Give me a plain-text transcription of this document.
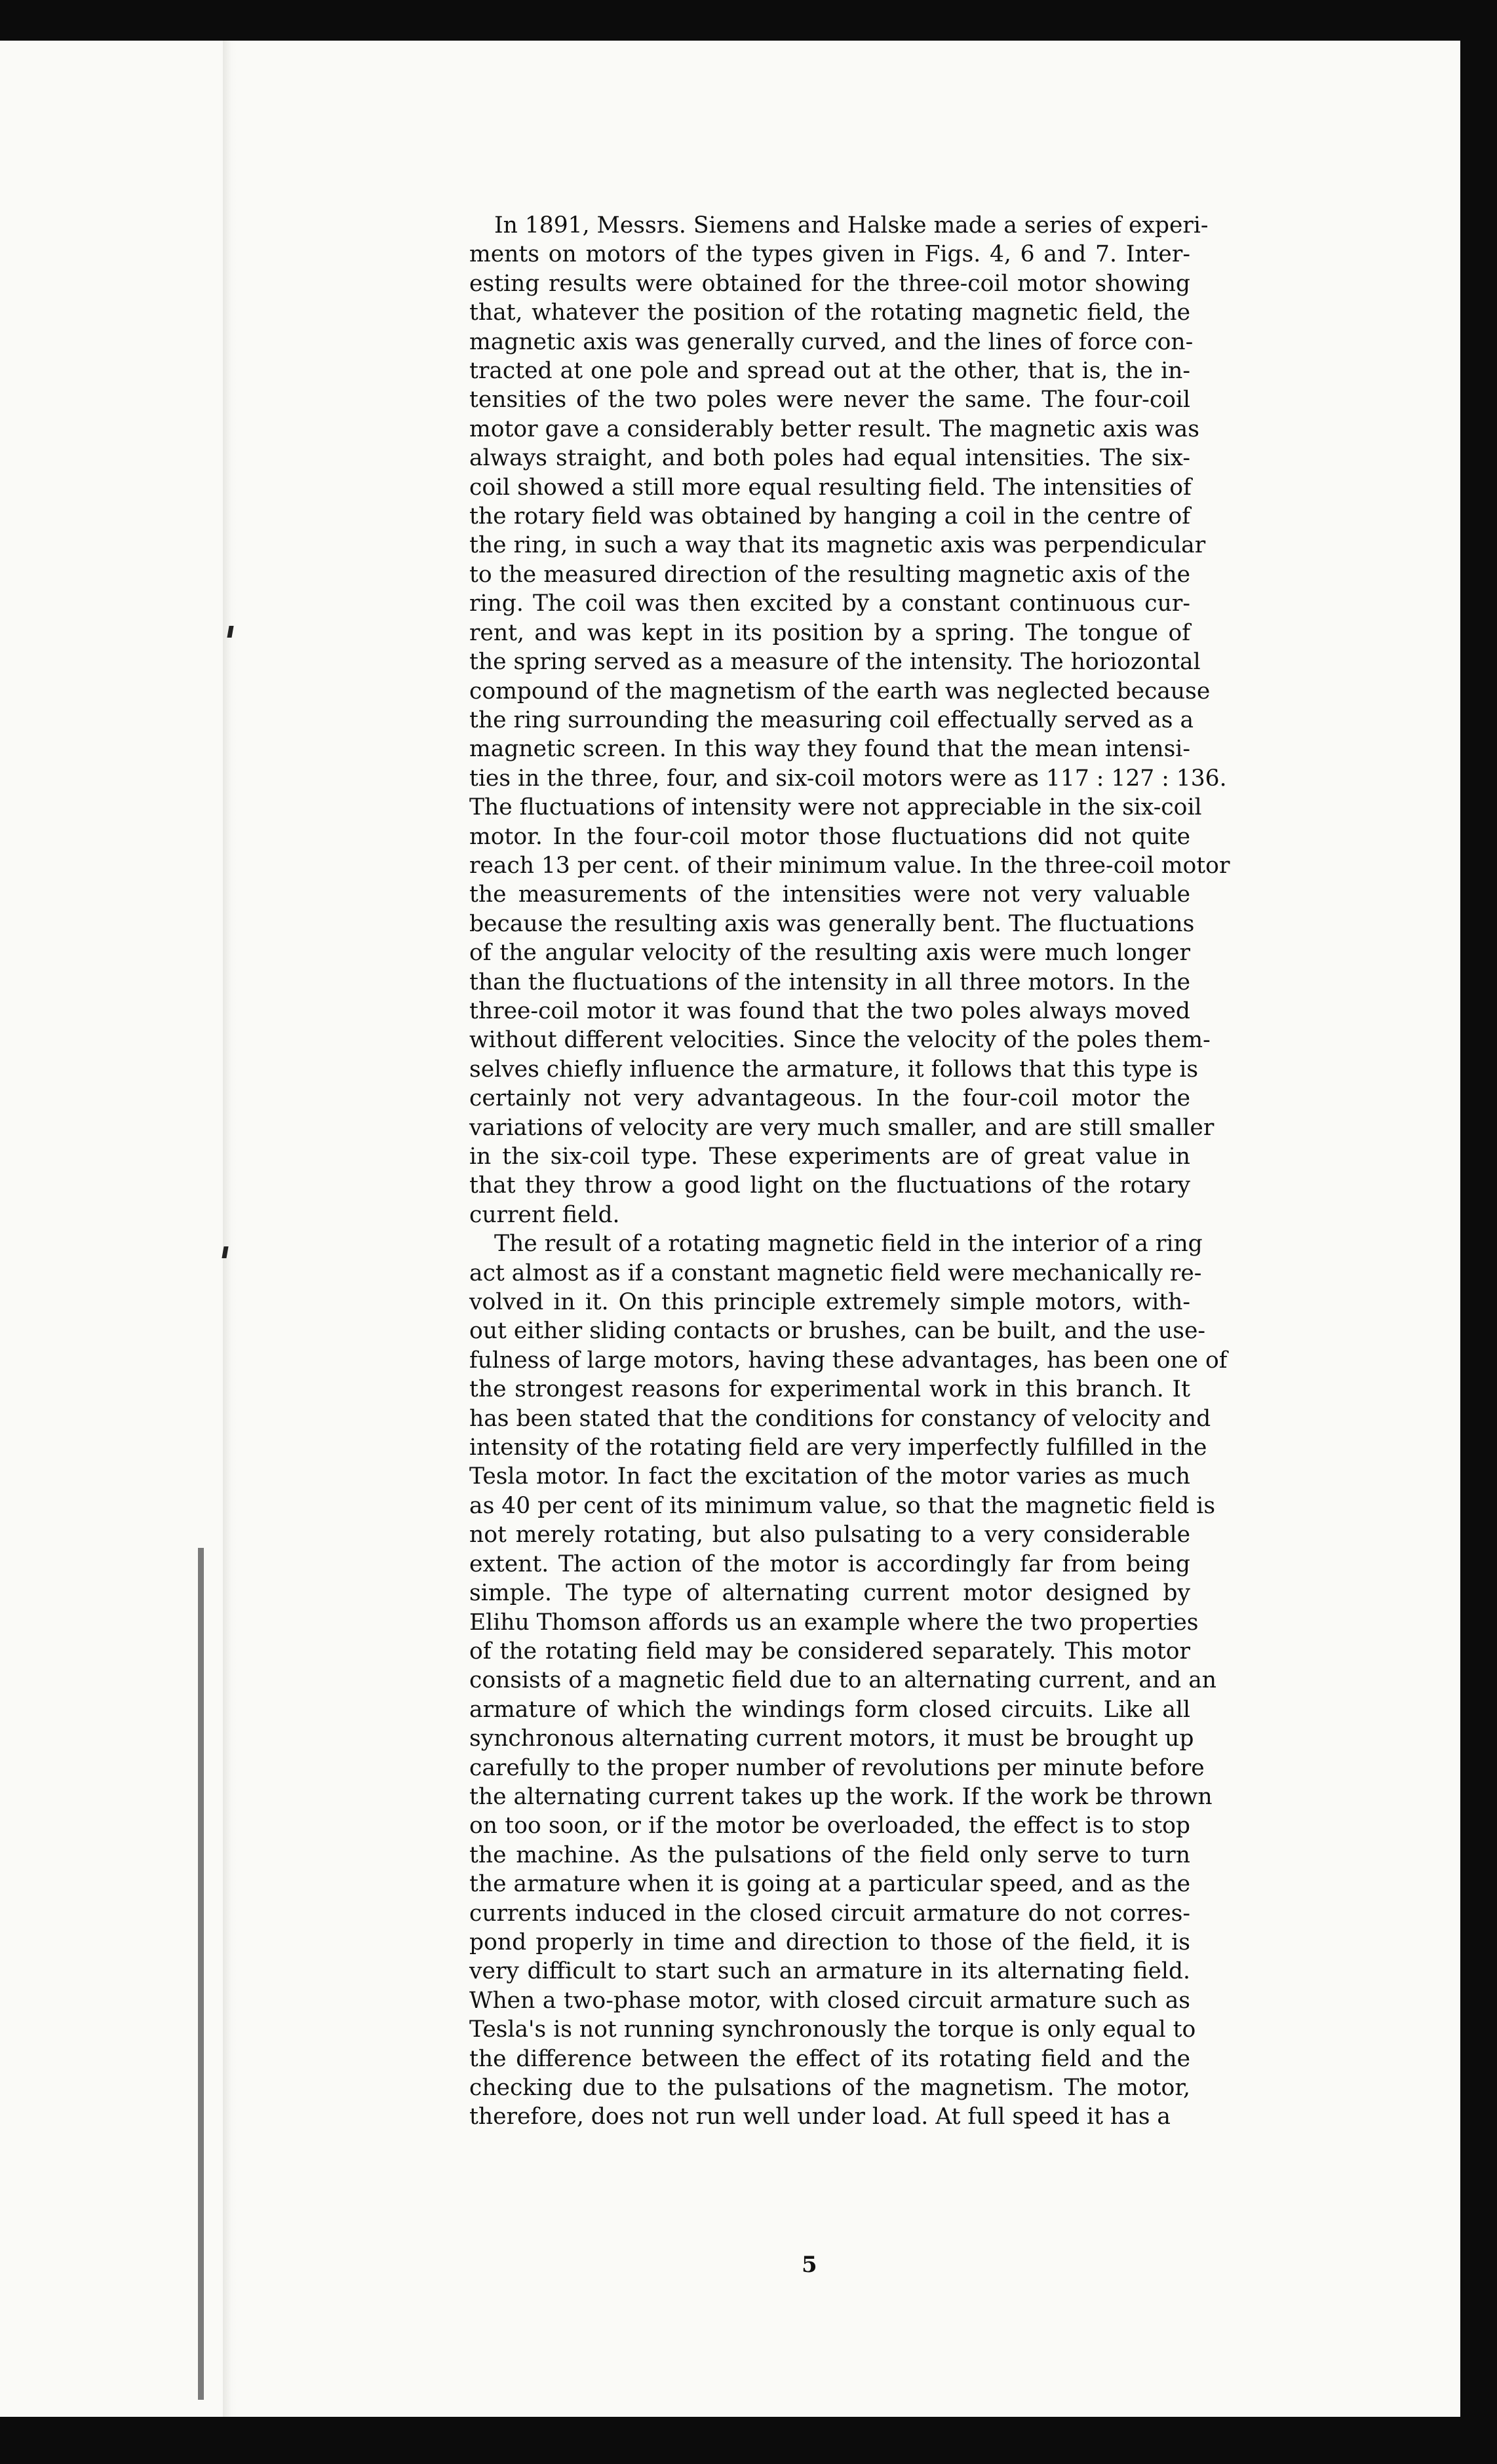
In 1891, Messrs. Siemens and Halske made a series of experi-
ments on motors of the types given in Figs. 4, 6 and 7. Inter-
esting results were obtained for the three-coil motor showing
that, whatever the position of the rotating magnetic field, the
magnetic axis was generally curved, and the lines of force con-
tracted at one pole and spread out at the other, that is, the in-
tensities of the two poles were never the same. The four-coil
motor gave a considerably better result. The magnetic axis was
always straight, and both poles had equal intensities. The six-
coil showed a still more equal resulting field. The intensities of
the rotary field was obtained by hanging a coil in the centre of
the ring, in such a way that its magnetic axis was perpendicular
to the measured direction of the resulting magnetic axis of the
ring. The coil was then excited by a constant continuous cur-
rent, and was kept in its position by a spring. The tongue of
the spring served as a measure of the intensity. The horiozontal
compound of the magnetism of the earth was neglected because
the ring surrounding the measuring coil effectually served as a
magnetic screen. In this way they found that the mean intensi-
ties in the three, four, and six-coil motors were as 117 : 127 : 136.
The fluctuations of intensity were not appreciable in the six-coil
motor. In the four-coil motor those fluctuations did not quite
reach 13 per cent. of their minimum value. In the three-coil motor
the measurements of the intensities were not very valuable
because the resulting axis was generally bent. The fluctuations
of the angular velocity of the resulting axis were much longer
than the fluctuations of the intensity in all three motors. In the
three-coil motor it was found that the two poles always moved
without different velocities. Since the velocity of the poles them-
selves chiefly influence the armature, it follows that this type is
certainly not very advantageous. In the four-coil motor the
variations of velocity are very much smaller, and are still smaller
in the six-coil type. These experiments are of great value in
that they throw a good light on the fluctuations of the rotary
current field.

The result of a rotating magnetic field in the interior of a ring
act almost as if a constant magnetic field were mechanically re-
volved in it. On this principle extremely simple motors, with-
out either sliding contacts or brushes, can be built, and the use-
fulness of large motors, having these advantages, has been one of
the strongest reasons for experimental work in this branch. It
has been stated that the conditions for constancy of velocity and
intensity of the rotating field are very imperfectly fulfilled in the
Tesla motor. In fact the excitation of the motor varies as much
as 40 per cent of its minimum value, so that the magnetic field is
not merely rotating, but also pulsating to a very considerable
extent. The action of the motor is accordingly far from being
simple. The type of alternating current motor designed by
Elihu Thomson affords us an example where the two properties
of the rotating field may be considered separately. This motor
consists of a magnetic field due to an alternating current, and an
armature of which the windings form closed circuits. Like all
synchronous alternating current motors, it must be brought up
carefully to the proper number of revolutions per minute before
the alternating current takes up the work. If the work be thrown
on too soon, or if the motor be overloaded, the effect is to stop
the machine. As the pulsations of the field only serve to turn
the armature when it is going at a particular speed, and as the
currents induced in the closed circuit armature do not corres-
pond properly in time and direction to those of the field, it is
very difficult to start such an armature in its alternating field.
When a two-phase motor, with closed circuit armature such as
Tesla's is not running synchronously the torque is only equal to
the difference between the effect of its rotating field and the
checking due to the pulsations of the magnetism. The motor,
therefore, does not run well under load. At full speed it has a

5
